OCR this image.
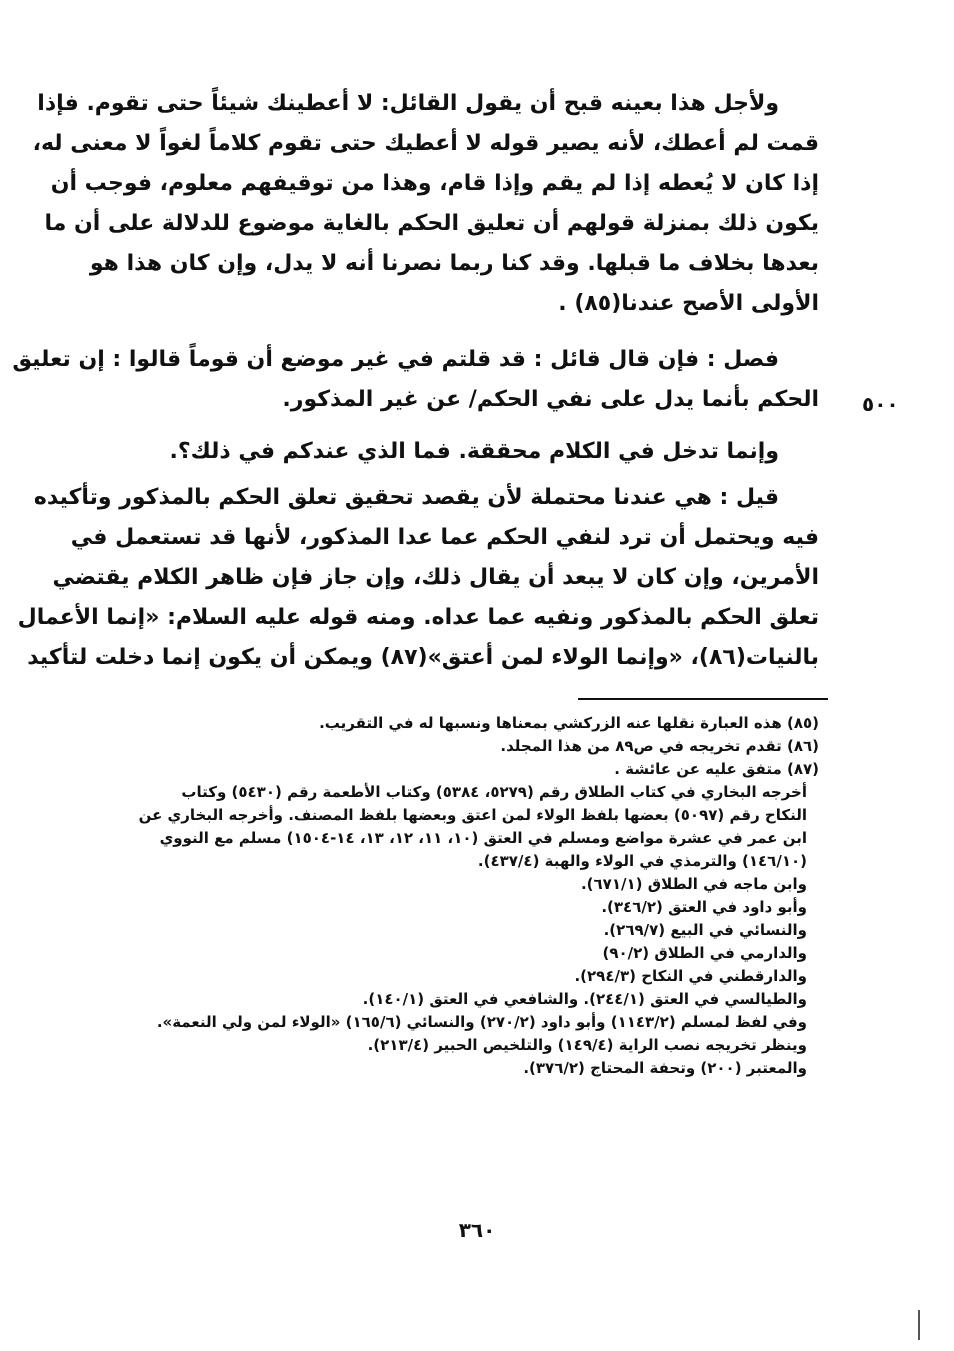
ولأجل هذا بعينه قبح أن يقول القائل: لا أعطينك شيئاً حتى تقوم. فإذا
قمت لم أعطك، لأنه يصير قوله لا أعطيك حتى تقوم كلاماً لغواً لا معنى له،
إذا كان لا يُعطه إذا لم يقم وإذا قام، وهذا من توقيفهم معلوم، فوجب أن
يكون ذلك بمنزلة قولهم أن تعليق الحكم بالغاية موضوع للدلالة على أن ما
بعدها بخلاف ما قبلها. وقد كنا ربما نصرنا أنه لا يدل، وإن كان هذا هو
الأولى الأصح عندنا(٨٥) .
فصل : فإن قال قائل : قد قلتم في غير موضع أن قوماً قالوا : إن تعليق
الحكم بأنما يدل على نفي الحكم/ عن غير المذكور. ٥٠٠
وإنما تدخل في الكلام محققة. فما الذي عندكم في ذلك؟.
قيل : هي عندنا محتملة لأن يقصد تحقيق تعلق الحكم بالمذكور وتأكيده
فيه ويحتمل أن ترد لنفي الحكم عما عدا المذكور، لأنها قد تستعمل في
الأمرين، وإن كان لا يبعد أن يقال ذلك، وإن جاز فإن ظاهر الكلام يقتضي
تعلق الحكم بالمذكور ونفيه عما عداه. ومنه قوله عليه السلام: «إنما الأعمال
بالنيات(٨٦)، «وإنما الولاء لمن أعتق»(٨٧) ويمكن أن يكون إنما دخلت لتأكيد
(٨٥) هذه العبارة نقلها عنه الزركشي بمعناها ونسبها له في التقريب.
(٨٦) تقدم تخريجه في ص٨٩ من هذا المجلد.
(٨٧) متفق عليه عن عائشة .
أخرجه البخاري في كتاب الطلاق رقم (٥٢٧٩، ٥٣٨٤) وكتاب الأطعمة رقم (٥٤٣٠) وكتاب
النكاح رقم (٥٠٩٧) بعضها بلفظ الولاء لمن اعتق وبعضها بلفظ المصنف. وأخرجه البخاري عن
ابن عمر في عشرة مواضع ومسلم في العتق (١٠، ١١، ١٢، ١٣، ١٤-١٥٠٤) مسلم مع النووي
(١٤٦/١٠) والترمذي في الولاء والهبة (٤٣٧/٤).
وابن ماجه في الطلاق (٦٧١/١).
وأبو داود في العتق (٣٤٦/٢).
والنسائي في البيع (٢٦٩/٧).
والدارمي في الطلاق (٩٠/٢)
والدارقطني في النكاح (٢٩٤/٣).
والطيالسي في العتق (٢٤٤/١). والشافعي في العتق (١٤٠/١).
وفي لفظ لمسلم (١١٤٣/٢) وأبو داود (٢٧٠/٢) والنسائي (١٦٥/٦) «الولاء لمن ولي النعمة».
وينظر تخريجه نصب الراية (١٤٩/٤) والتلخيص الحبير (٢١٣/٤).
والمعتبر (٢٠٠) وتحفة المحتاج (٣٧٦/٢).
٣٦٠
